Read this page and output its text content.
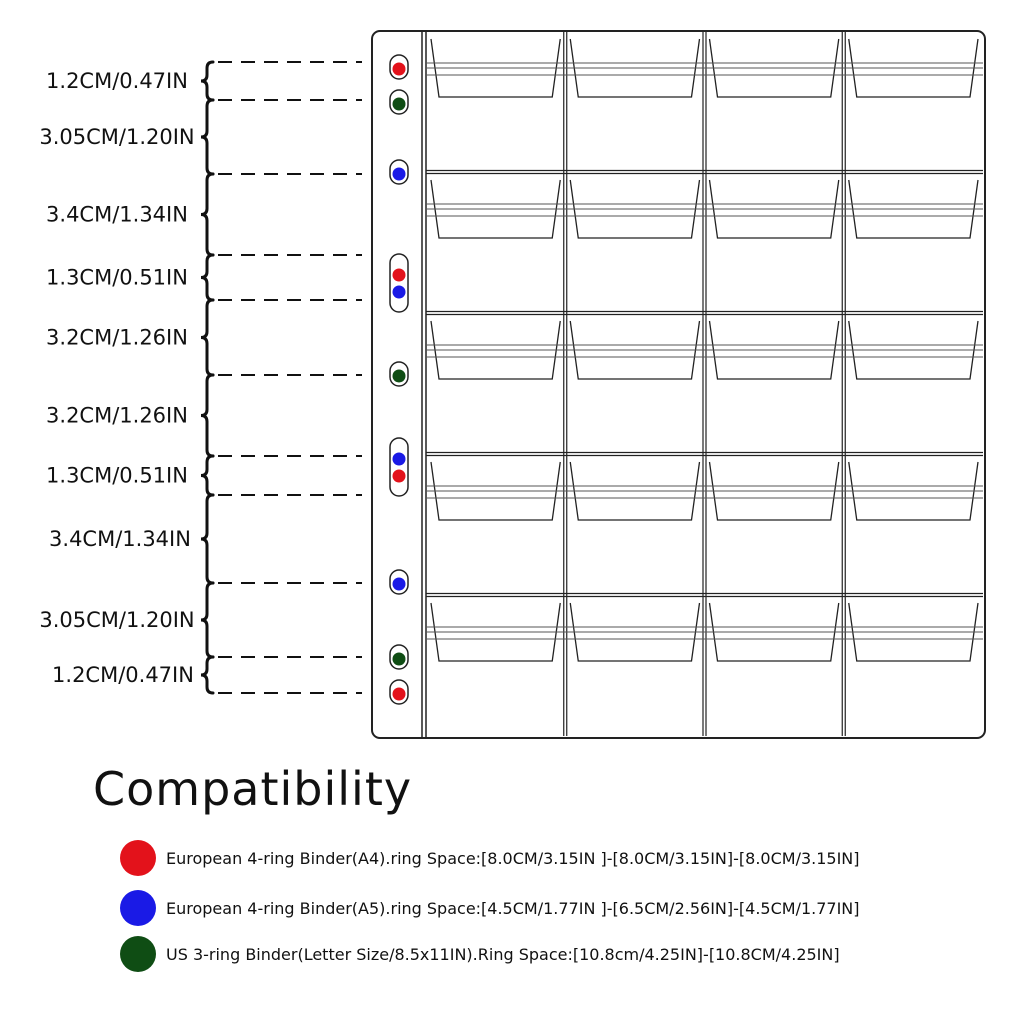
1.2CM/0.47IN
3.05CM/1.20IN
3.4CM/1.34IN
1.3CM/0.51IN
3.2CM/1.26IN
3.2CM/1.26IN
1.3CM/0.51IN
3.4CM/1.34IN
3.05CM/1.20IN
1.2CM/0.47IN
Compatibility
European 4-ring Binder(A4).ring Space:[8.0CM/3.15IN ]-[8.0CM/3.15IN]-[8.0CM/3.15IN]
European 4-ring Binder(A5).ring Space:[4.5CM/1.77IN ]-[6.5CM/2.56IN]-[4.5CM/1.77IN]
US 3-ring Binder(Letter Size/8.5x11IN).Ring Space:[10.8cm/4.25IN]-[10.8CM/4.25IN]
